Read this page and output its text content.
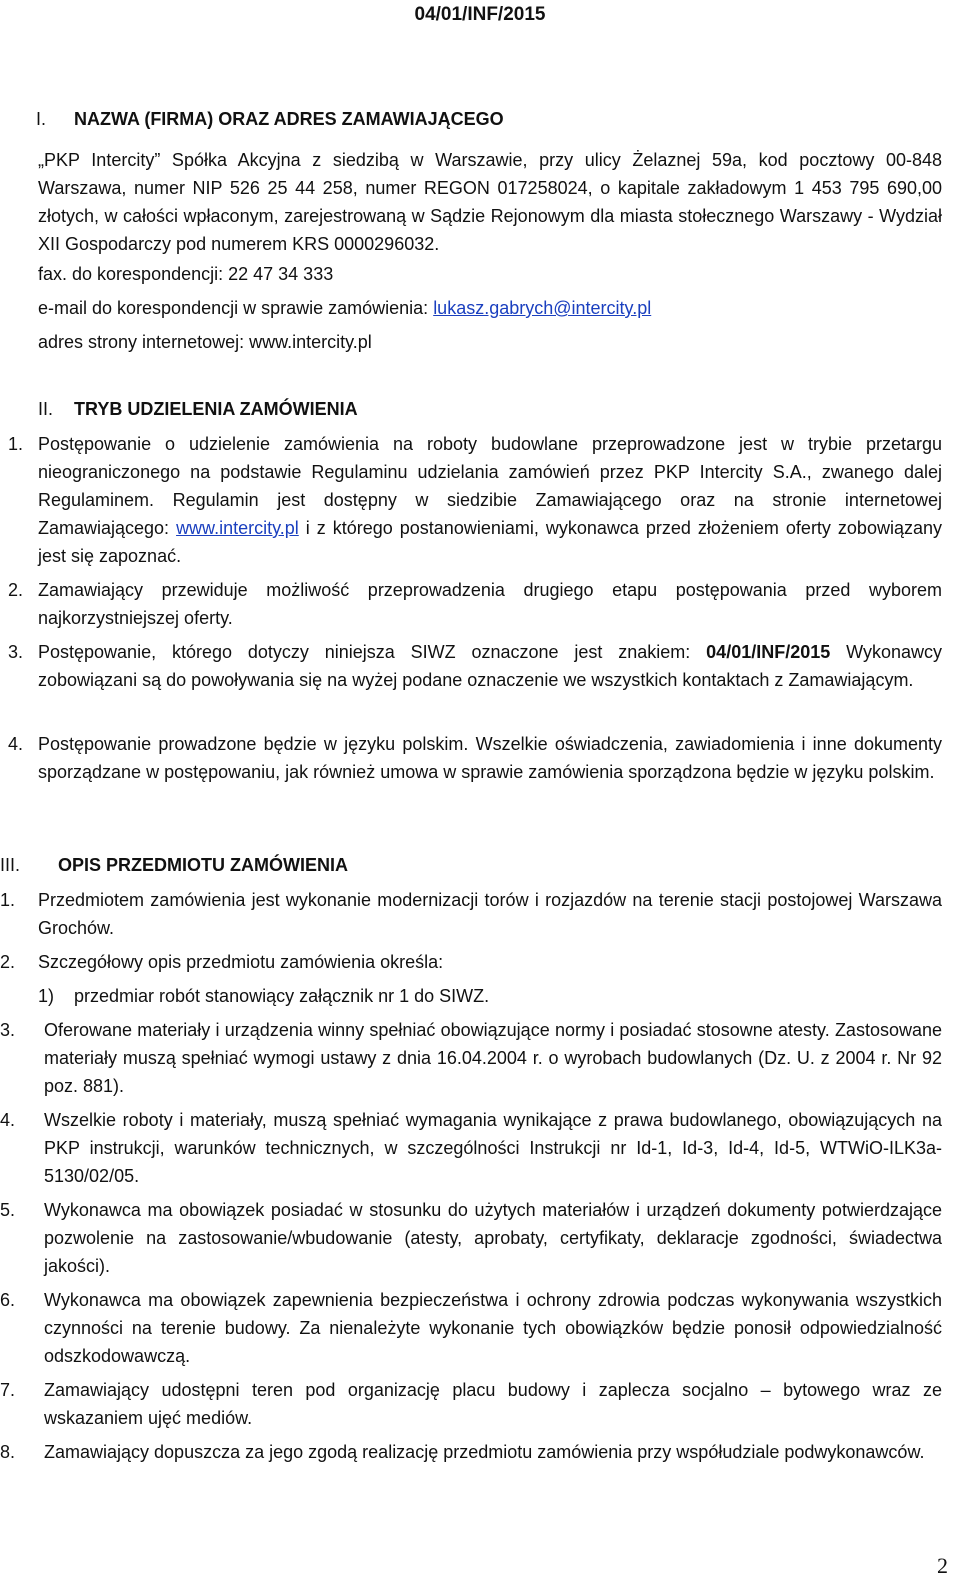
04/01/INF/2015
I. NAZWA (FIRMA) ORAZ ADRES ZAMAWIAJĄCEGO
„PKP Intercity” Spółka Akcyjna z siedzibą w Warszawie, przy ulicy Żelaznej 59a, kod pocztowy 00-848 Warszawa, numer NIP 526 25 44 258, numer REGON 017258024, o kapitale zakładowym 1 453 795 690,00 złotych, w całości wpłaconym, zarejestrowaną w Sądzie Rejonowym dla miasta stołecznego Warszawy - Wydział XII Gospodarczy pod numerem KRS 0000296032.
fax. do korespondencji: 22 47 34 333
e-mail do korespondencji w sprawie zamówienia: lukasz.gabrych@intercity.pl
adres strony internetowej: www.intercity.pl
II. TRYB UDZIELENIA ZAMÓWIENIA
1. Postępowanie o udzielenie zamówienia na roboty budowlane przeprowadzone jest w trybie przetargu nieograniczonego na podstawie Regulaminu udzielania zamówień przez PKP Intercity S.A., zwanego dalej Regulaminem. Regulamin jest dostępny w siedzibie Zamawiającego oraz na stronie internetowej Zamawiającego: www.intercity.pl i z którego postanowieniami, wykonawca przed złożeniem oferty zobowiązany jest się zapoznać.
2. Zamawiający przewiduje możliwość przeprowadzenia drugiego etapu postępowania przed wyborem najkorzystniejszej oferty.
3. Postępowanie, którego dotyczy niniejsza SIWZ oznaczone jest znakiem: 04/01/INF/2015 Wykonawcy zobowiązani są do powoływania się na wyżej podane oznaczenie we wszystkich kontaktach z Zamawiającym.
4. Postępowanie prowadzone będzie w języku polskim. Wszelkie oświadczenia, zawiadomienia i inne dokumenty sporządzane w postępowaniu, jak również umowa w sprawie zamówienia sporządzona będzie w języku polskim.
III. OPIS PRZEDMIOTU ZAMÓWIENIA
1. Przedmiotem zamówienia jest wykonanie modernizacji torów i rozjazdów na terenie stacji postojowej Warszawa Grochów.
2. Szczegółowy opis przedmiotu zamówienia określa:
1) przedmiar robót stanowiący załącznik nr 1 do SIWZ.
3. Oferowane materiały i urządzenia winny spełniać obowiązujące normy i posiadać stosowne atesty. Zastosowane materiały muszą spełniać wymogi ustawy z dnia 16.04.2004 r. o wyrobach budowlanych (Dz. U. z 2004 r. Nr 92 poz. 881).
4. Wszelkie roboty i materiały, muszą spełniać wymagania wynikające z prawa budowlanego, obowiązujących na PKP instrukcji, warunków technicznych, w szczególności Instrukcji nr Id-1, Id-3, Id-4, Id-5, WTWiO-ILK3a-5130/02/05.
5. Wykonawca ma obowiązek posiadać w stosunku do użytych materiałów i urządzeń dokumenty potwierdzające pozwolenie na zastosowanie/wbudowanie (atesty, aprobaty, certyfikaty, deklaracje zgodności, świadectwa jakości).
6. Wykonawca ma obowiązek zapewnienia bezpieczeństwa i ochrony zdrowia podczas wykonywania wszystkich czynności na terenie budowy. Za nienależyte wykonanie tych obowiązków będzie ponosił odpowiedzialność odszkodowawczą.
7. Zamawiający udostępni teren pod organizację placu budowy i zaplecza socjalno – bytowego wraz ze wskazaniem ujęć mediów.
8. Zamawiający dopuszcza za jego zgodą realizację przedmiotu zamówienia przy współudziale podwykonawców.
2
